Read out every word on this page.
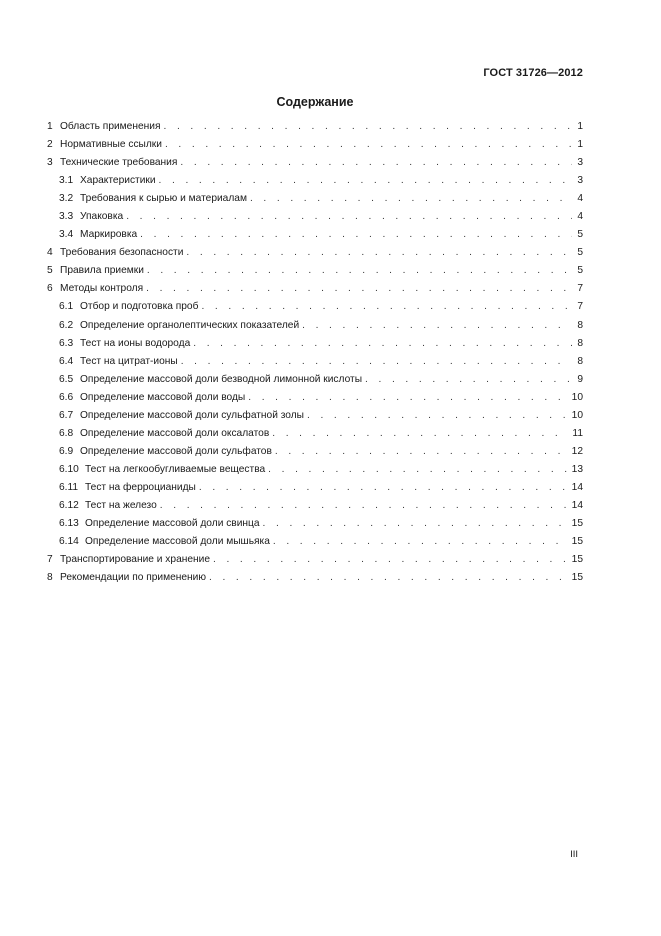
ГОСТ 31726—2012
Содержание
1 Область применения . . .	1
2 Нормативные ссылки . . .	1
3 Технические требования . . .	3
3.1 Характеристики . . .	3
3.2 Требования к сырью и материалам . . .	4
3.3 Упаковка . . .	4
3.4 Маркировка . . .	5
4 Требования безопасности . . .	5
5 Правила приемки . . .	5
6 Методы контроля . . .	7
6.1 Отбор и подготовка проб . . .	7
6.2 Определение органолептических показателей . . .	8
6.3 Тест на ионы водорода . . .	8
6.4 Тест на цитрат-ионы . . .	8
6.5 Определение массовой доли безводной лимонной кислоты . . .	9
6.6 Определение массовой доли воды . . .	10
6.7 Определение массовой доли сульфатной золы . . .	10
6.8 Определение массовой доли оксалатов . . .	11
6.9 Определение массовой доли сульфатов . . .	12
6.10 Тест на легкообугливаемые вещества . . .	13
6.11 Тест на ферроцианиды . . .	14
6.12 Тест на железо . . .	14
6.13 Определение массовой доли свинца . . .	15
6.14 Определение массовой доли мышьяка . . .	15
7 Транспортирование и хранение . . .	15
8 Рекомендации по применению . . .	15
III
